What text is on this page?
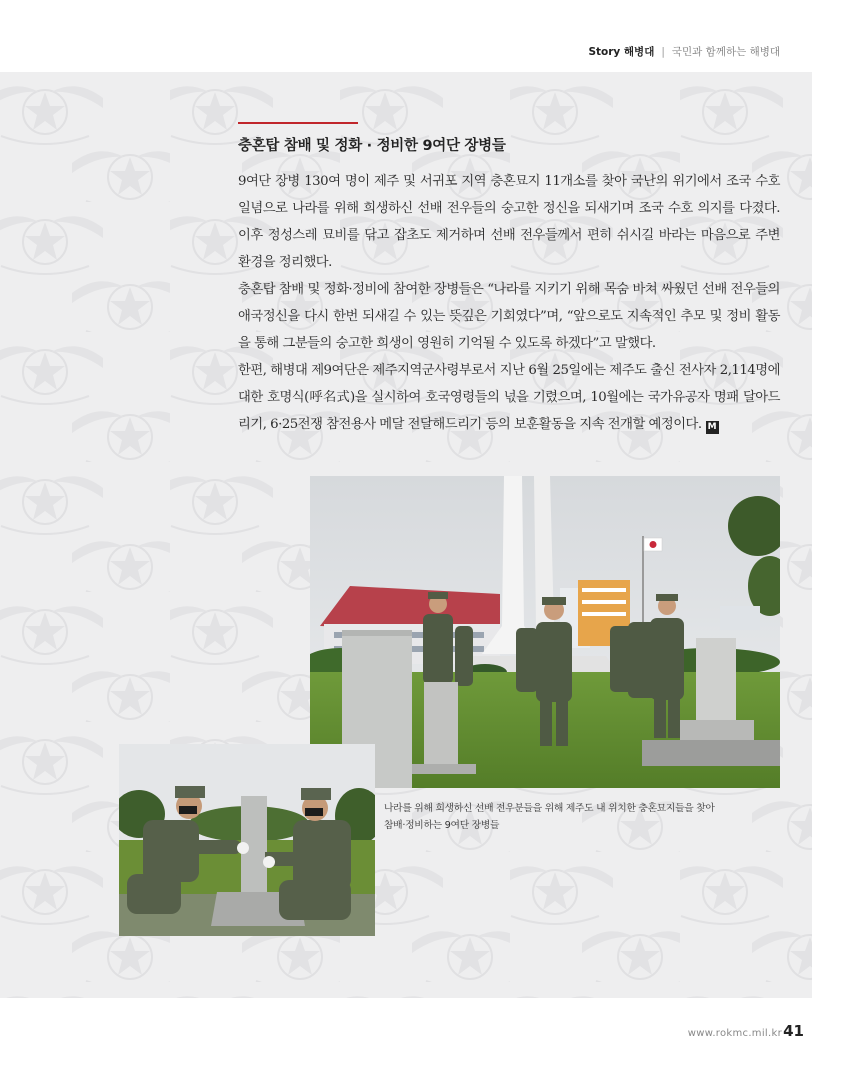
Story 해병대 | 국민과 함께하는 해병대
충혼탑 참배 및 정화 · 정비한 9여단 장병들

9여단 장병 130여 명이 제주 및 서귀포 지역 충혼묘지 11개소를 찾아 국난의 위기에서 조국 수호 일념으로 나라를 위해 희생하신 선배 전우들의 숭고한 정신을 되새기며 조국 수호 의지를 다졌다. 이후 정성스레 묘비를 닦고 잡초도 제거하며 선배 전우들께서 편히 쉬시길 바라는 마음으로 주변 환경을 정리했다.

충혼탑 참배 및 정화·정비에 참여한 장병들은 “나라를 지키기 위해 목숨 바쳐 싸웠던 선배 전우들의 애국정신을 다시 한번 되새길 수 있는 뜻깊은 기회였다”며, “앞으로도 지속적인 추모 및 정비 활동을 통해 그분들의 숭고한 희생이 영원히 기억될 수 있도록 하겠다”고 말했다.

한편, 해병대 제9여단은 제주지역군사령부로서 지난 6월 25일에는 제주도 출신 전사자 2,114명에 대한 호명식(呼名式)을 실시하여 호국영령들의 넋을 기렸으며, 10월에는 국가유공자 명패 달아드리기, 6·25전쟁 참전용사 메달 전달해드리기 등의 보훈활동을 지속 전개할 예정이다. M

나라를 위해 희생하신 선배 전우분들을 위해 제주도 내 위치한 충혼묘지들을 찾아
참배·정비하는 9여단 장병들
www.rokmc.mil.kr 41
